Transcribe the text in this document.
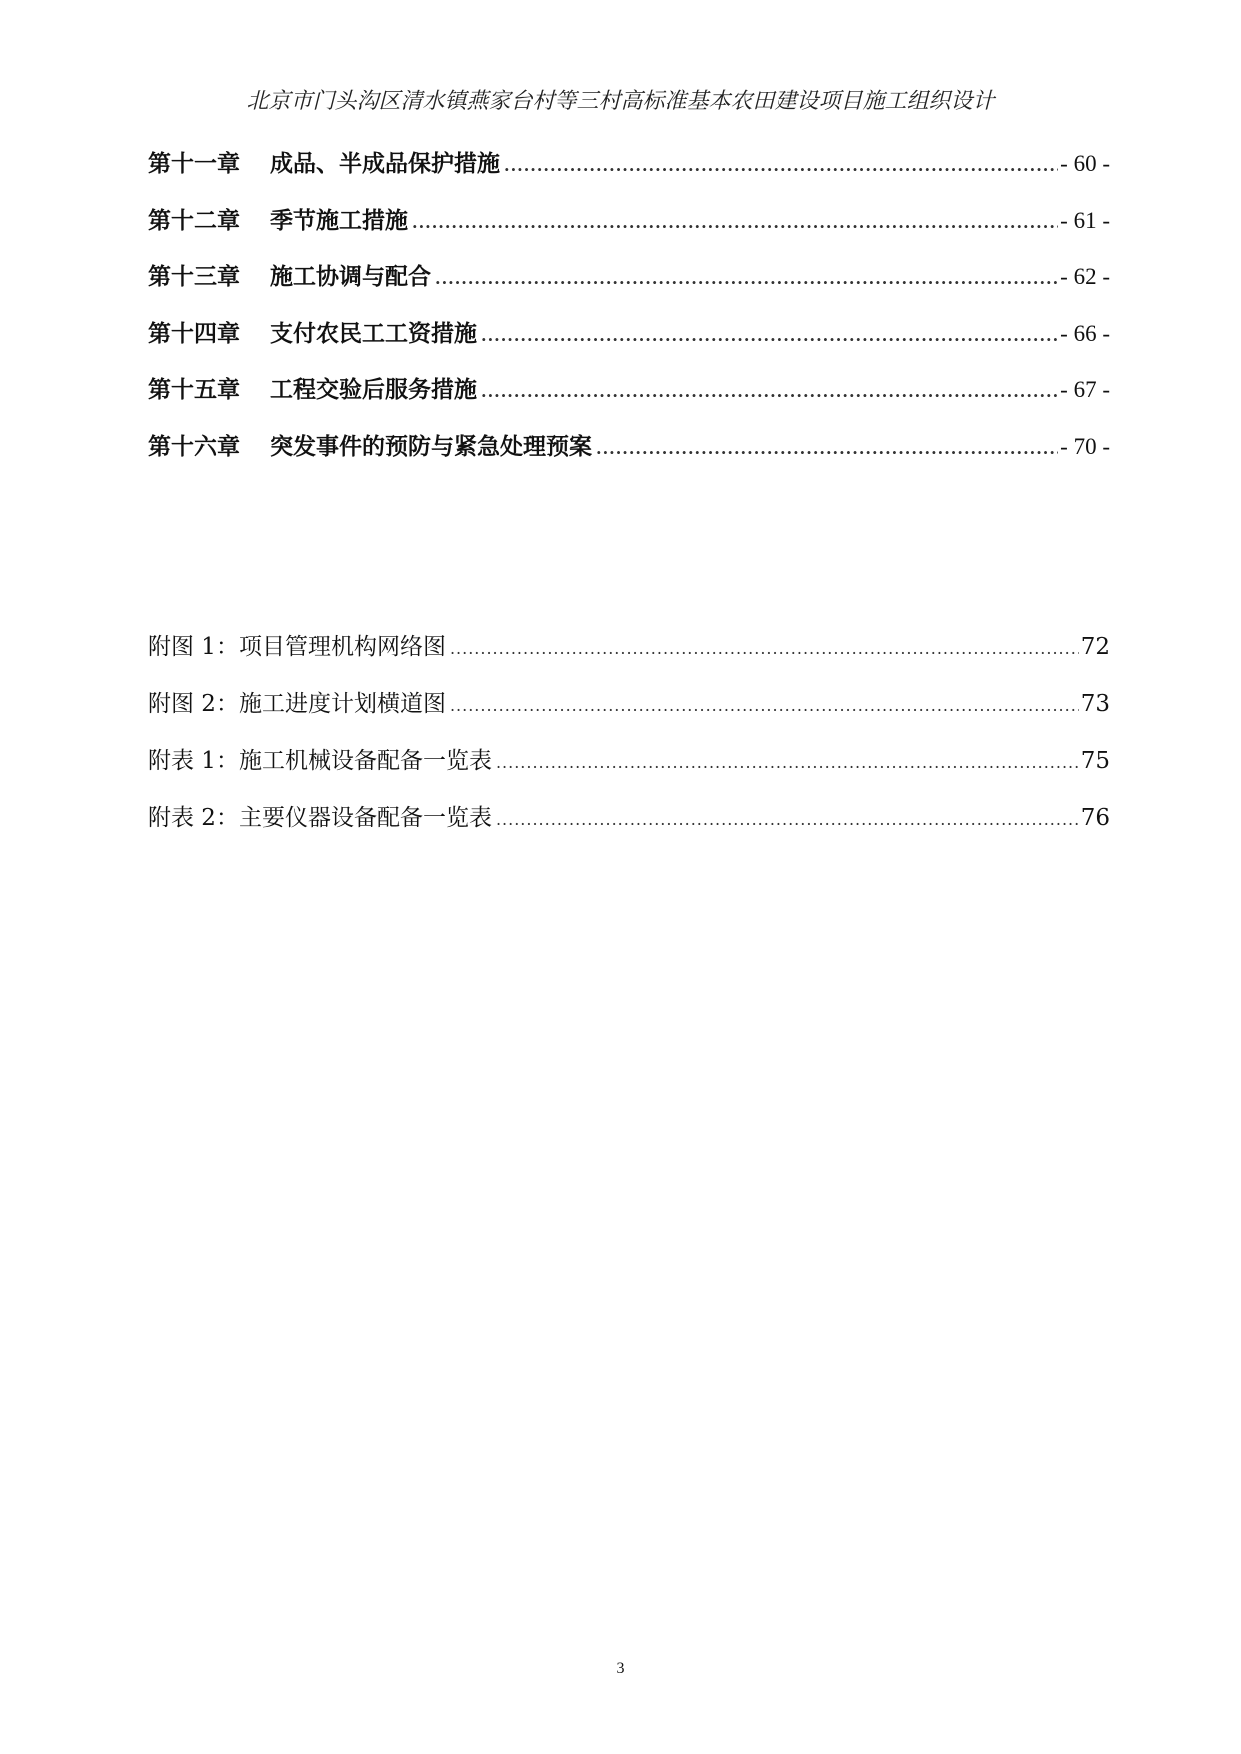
北京市门头沟区清水镇燕家台村等三村高标准基本农田建设项目施工组织设计
第十一章	成品、半成品保护措施 .....	- 60 -
第十二章	季节施工措施 .....	- 61 -
第十三章	施工协调与配合 .....	- 62 -
第十四章	支付农民工工资措施 .....	- 66 -
第十五章	工程交验后服务措施 .....	- 67 -
第十六章	突发事件的预防与紧急处理预案 .....	- 70 -
附图 1：项目管理机构网络图 .....	72
附图 2：施工进度计划横道图 .....	73
附表 1：施工机械设备配备一览表 .....	75
附表 2：主要仪器设备配备一览表 .....	76
3
